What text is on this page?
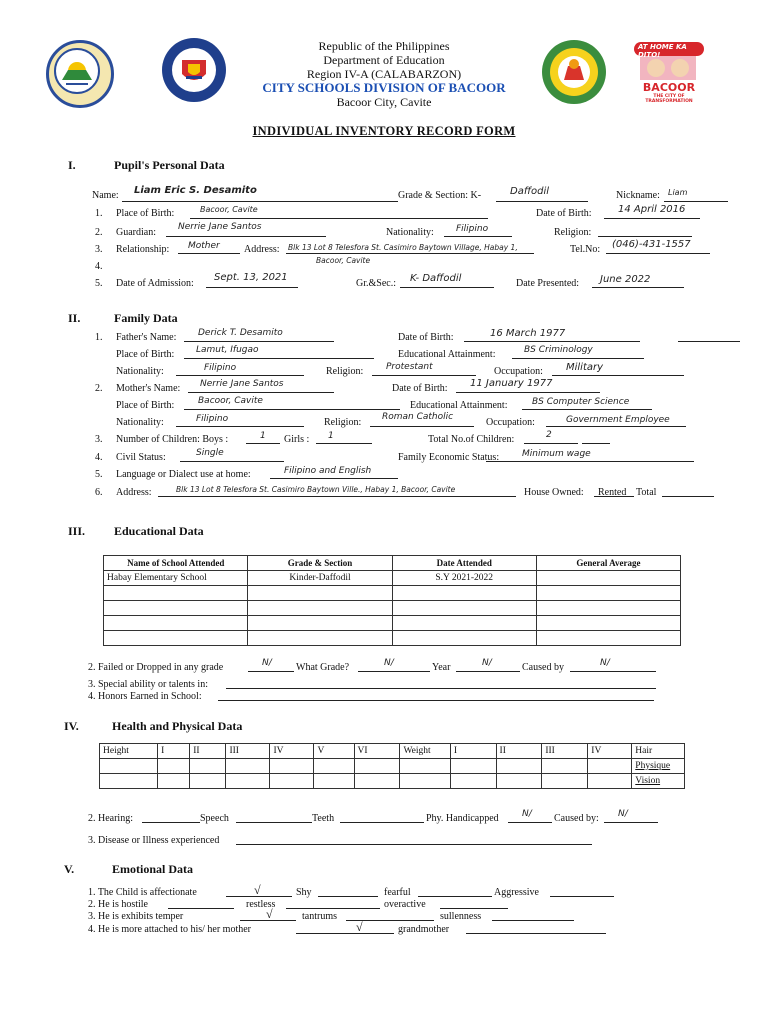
Republic of the Philippines
Department of Education
Region IV-A (CALABARZON)
CITY SCHOOLS DIVISION OF BACOOR
Bacoor City, Cavite
AT HOME KA DITO!
BACOOR
THE CITY OF TRANSFORMATION
INDIVIDUAL INVENTORY RECORD FORM
I.	Pupil's Personal Data
Name: Liam Eric S. Desamito	Grade & Section: K-	Daffodil	Nickname: Liam
1. Place of Birth:	Bacoor, Cavite	Date of Birth:	14 April 2016
2. Guardian: Nerrie Jane Santos	Nationality: Filipino	Religion:
3. Relationship: Mother Address: Blk 13 Lot 8 Telesfora St. Casimiro Baytown Village, Habay 1,
Bacoor, Cavite
Tel.No: (046)-431-1557
4.
5. Date of Admission:
Sept. 13, 2021
Gr.&Sec.: K- Daffodil	Date Presented: June 2022
II.	Family Data
1. Father's Name: Derick T. Desamito	Date of Birth:	16 March 1977
Place of Birth: Lamut, Ifugao	Educational Attainment:	BS Criminology
Nationality:	Filipino	Religion:	Protestant	Occupation: Military
2. Mother's Name: Nerrie Jane Santos	Date of Birth: 11 January 1977
Place of Birth:	Bacoor, Cavite	Educational Attainment:	BS Computer Science
Nationality:	Filipino	Religion: Roman Catholic	Occupation:	Government Employee
3. Number of Children: Boys :	1 Girls : 1	Total No.of Children:	2
4. Civil Status:	Single	Family Economic Status:	Minimum wage
5. Language or Dialect use at home:	Filipino and English
6. Address:	Blk 13 Lot 8 Telesfora St. Casimiro Baytown Ville., Habay 1, Bacoor, Cavite	House Owned: Rented Total
III. Educational Data
Name of School Attended	Grade & Section	Date Attended	General Average
Habay Elementary School	Kinder-Daffodil	S.Y 2021-2022	

2. Failed or Dropped in any grade	N/ What Grade?	N/	Year	N/	Caused by	N/
3. Special ability or talents in:
4. Honors Earned in School:
IV.	Health and Physical Data
Height	I	II	III	IV	V	VI	Weight	I	II	III	IV	Hair
												Physique
												Vision
2. Hearing:	Speech	Teeth	Phy. Handicapped	N/ Caused by: N/
3. Disease or Illness experienced
V.	Emotional Data
1. The Child is affectionate	√	Shy	fearful	Aggressive
2. He is hostile	restless	overactive
3. He is exhibits temper	√	tantrums	sullenness
4. He is more attached to his/ her mother	√	grandmother
